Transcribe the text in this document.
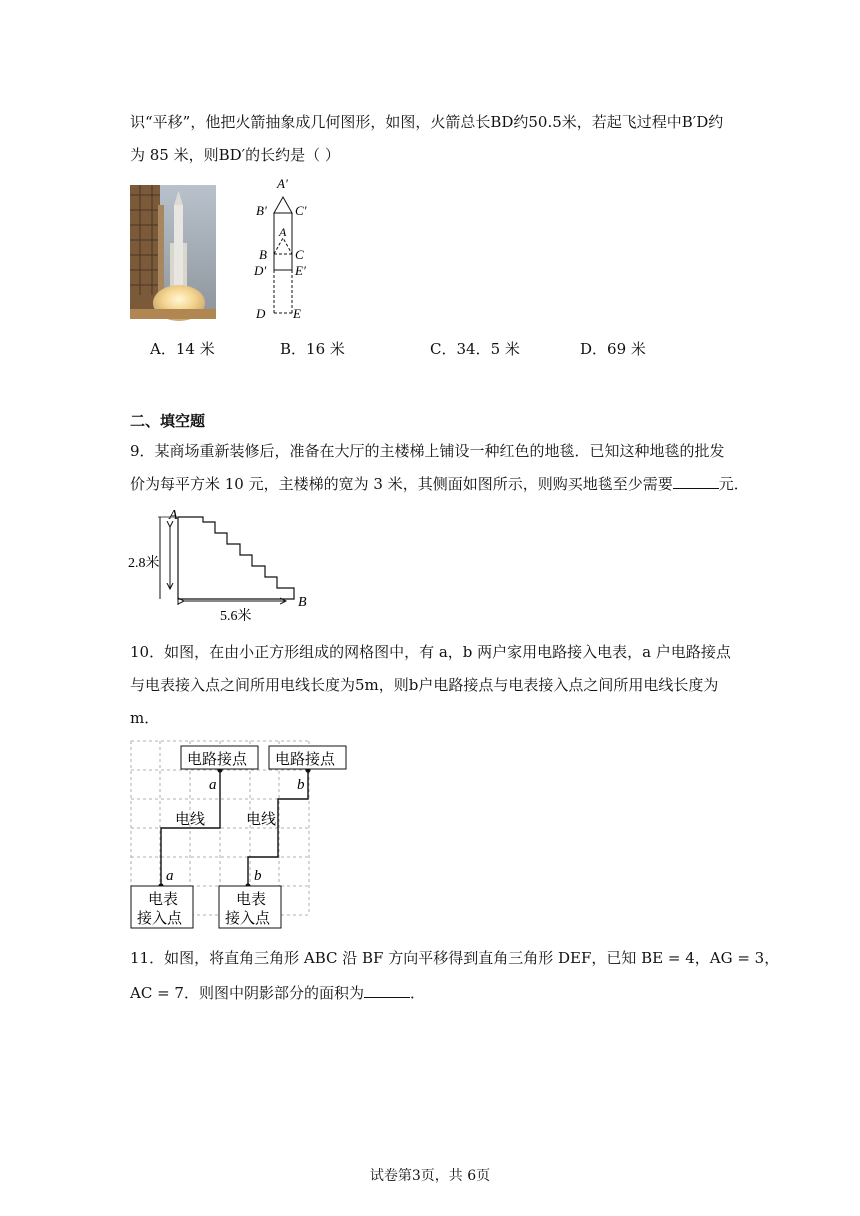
识“平移”，他把火箭抽象成几何图形，如图，火箭总长BD约50.5米，若起飞过程中B′D约
为 85 米，则BD′的长约是（ ）
A′
B′ C′
A
B C
D′ E′
D E
A．14 米	B．16 米	C．34．5 米	D．69 米
二、填空题
9．某商场重新装修后，准备在大厅的主楼梯上铺设一种红色的地毯．已知这种地毯的批发
价为每平方米 10 元，主楼梯的宽为 3 米，其侧面如图所示，则购买地毯至少需要	元．
A
B
2.8米
5.6米
10．如图，在由小正方形组成的网格图中，有 a，b 两户家用电路接入电表，a 户电路接点
与电表接入点之间所用电线长度为5m，则b户电路接点与电表接入点之间所用电线长度为
m．
电路接点 电路接点
电表
接入点
电表
接入点
电线	电线
a	b
a	b
11．如图，将直角三角形 ABC 沿 BF 方向平移得到直角三角形 DEF，已知 BE = 4，AG = 3，
AC = 7．则图中阴影部分的面积为	．
试卷第3页，共 6页
